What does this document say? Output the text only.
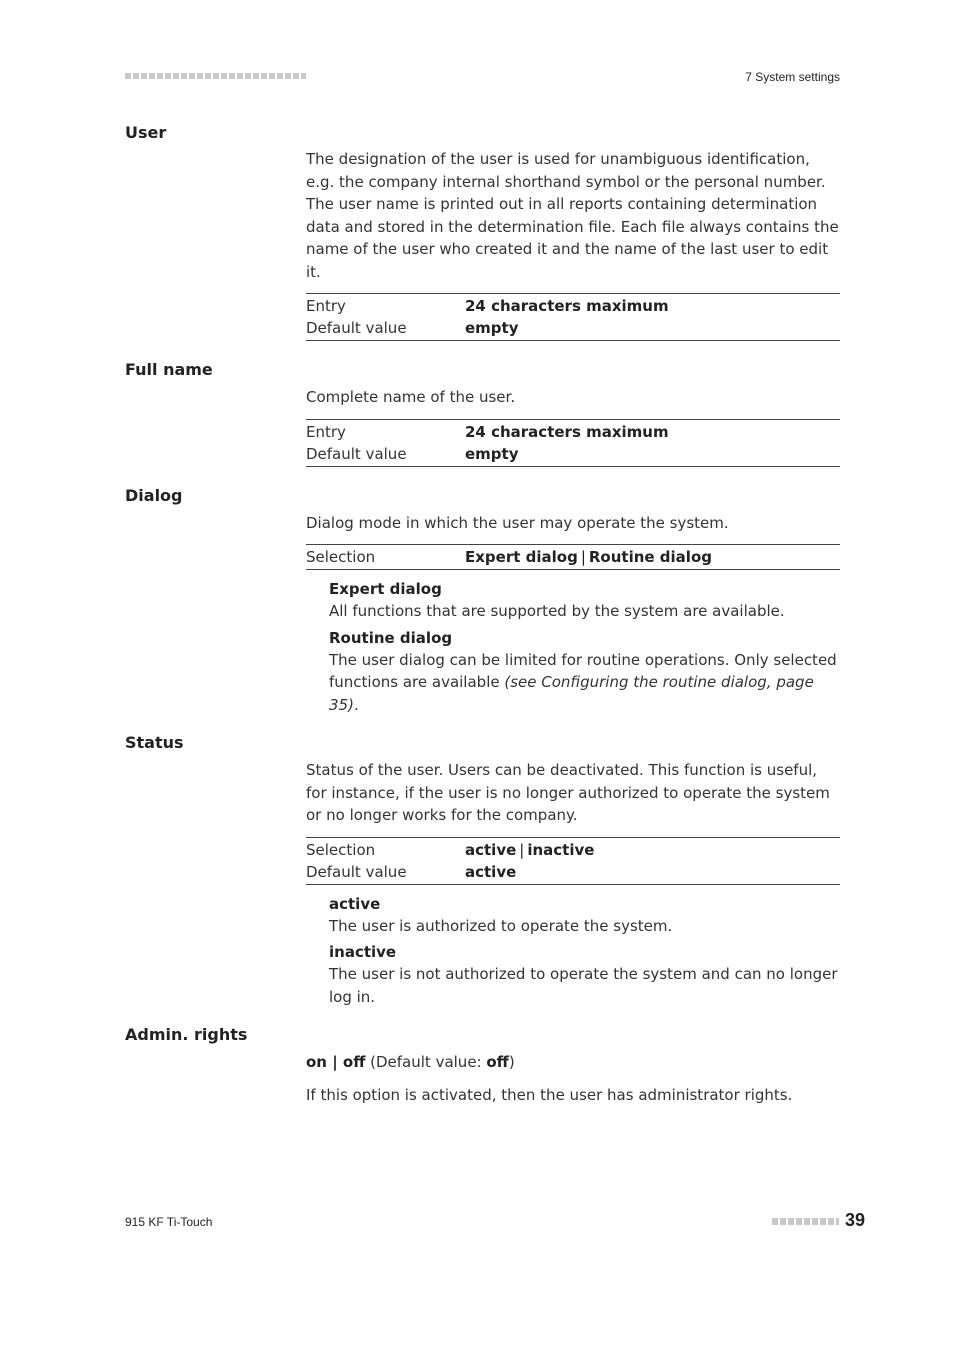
7 System settings
User

The designation of the user is used for unambiguous identification, e.g. the company internal shorthand symbol or the personal number. The user name is printed out in all reports containing determination data and stored in the determination file. Each file always contains the name of the user who created it and the name of the last user to edit it.

Entry	24 characters maximum
Default value	empty
Full name

Complete name of the user.

Entry	24 characters maximum
Default value	empty
Dialog

Dialog mode in which the user may operate the system.

Selection	Expert dialog | Routine dialog
Expert dialog
All functions that are supported by the system are available.
Routine dialog
The user dialog can be limited for routine operations. Only selected functions are available (see Configuring the routine dialog, page 35).
Status

Status of the user. Users can be deactivated. This function is useful, for instance, if the user is no longer authorized to operate the system or no longer works for the company.

Selection	active | inactive
Default value	active
active
The user is authorized to operate the system.
inactive
The user is not authorized to operate the system and can no longer log in.
Admin. rights

on | off (Default value: off)

If this option is activated, then the user has administrator rights.

915 KF Ti-Touch	39
